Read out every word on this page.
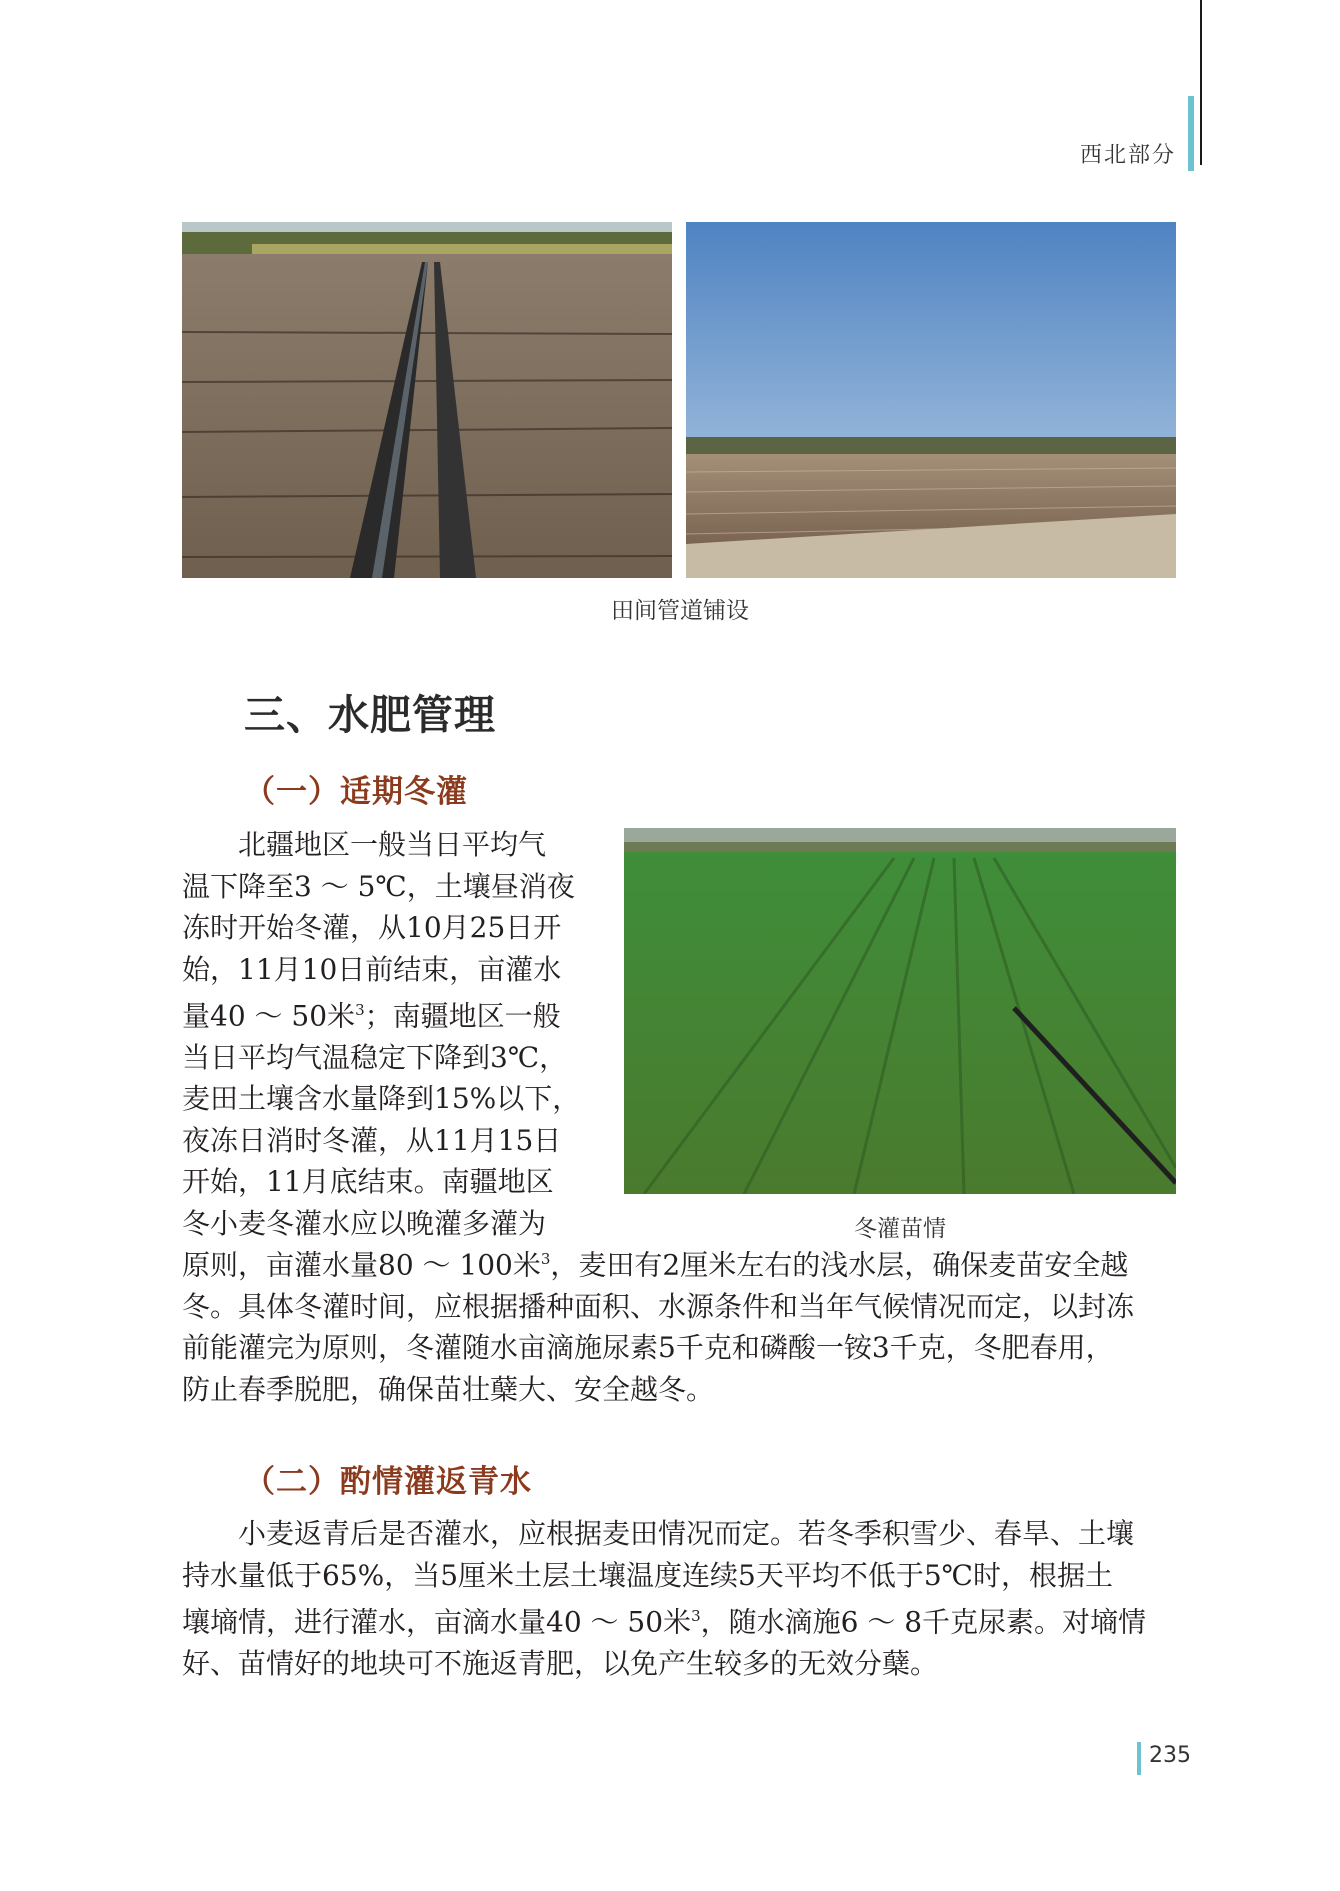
西北部分
田间管道铺设
三、水肥管理
（一）适期冬灌
冬灌苗情
北疆地区一般当日平均气
温下降至3 ～ 5℃，土壤昼消夜
冻时开始冬灌，从10月25日开
始，11月10日前结束，亩灌水
量40 ～ 50米$^3$；南疆地区一般
当日平均气温稳定下降到3℃，
麦田土壤含水量降到15%以下，
夜冻日消时冬灌，从11月15日
开始，11月底结束。南疆地区
冬小麦冬灌水应以晚灌多灌为
原则，亩灌水量80 ～ 100米$^3$，麦田有2厘米左右的浅水层，确保麦苗安全越
冬。具体冬灌时间，应根据播种面积、水源条件和当年气候情况而定，以封冻
前能灌完为原则，冬灌随水亩滴施尿素5千克和磷酸一铵3千克，冬肥春用，
防止春季脱肥，确保苗壮蘖大、安全越冬。
（二）酌情灌返青水
小麦返青后是否灌水，应根据麦田情况而定。若冬季积雪少、春旱、土壤
持水量低于65%，当5厘米土层土壤温度连续5天平均不低于5℃时，根据土
壤墒情，进行灌水，亩滴水量40 ～ 50米$^3$，随水滴施6 ～ 8千克尿素。对墒情
好、苗情好的地块可不施返青肥，以免产生较多的无效分蘖。
235
